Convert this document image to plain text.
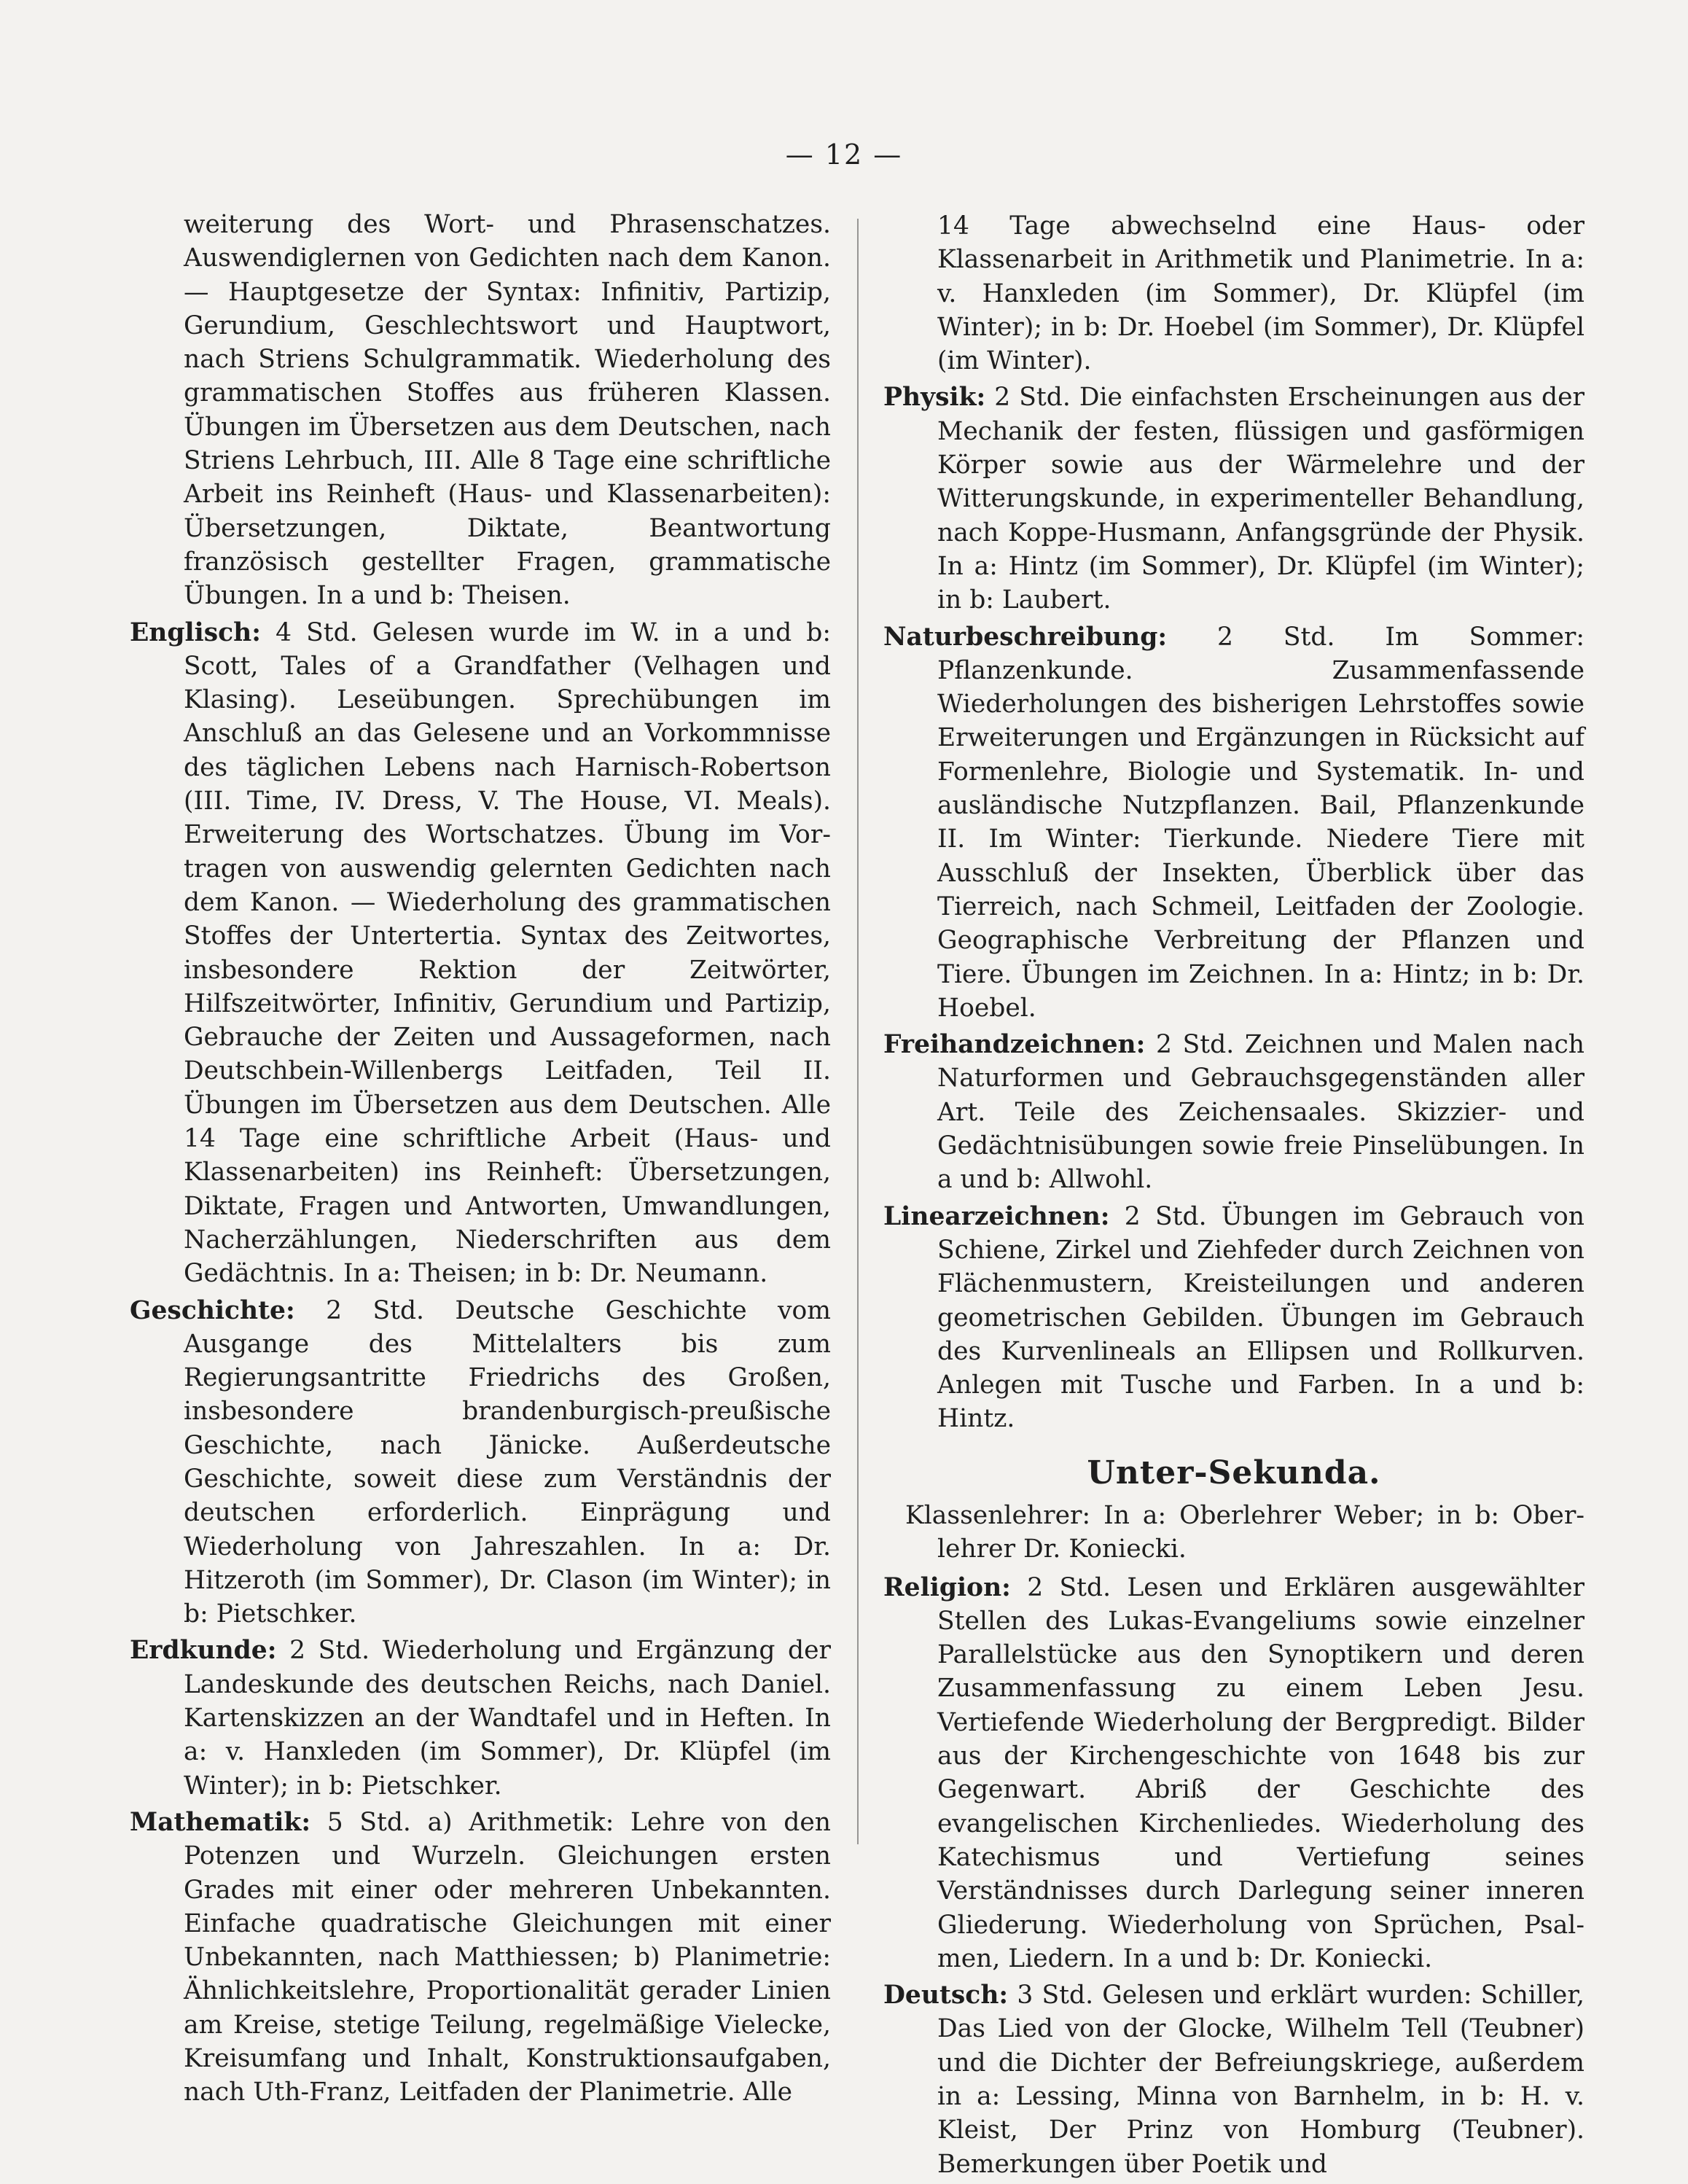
— 12 —

weiterung des Wort- und Phrasenschatzes. Auswendiglernen von Gedichten nach dem Kanon. — Hauptgesetze der Syntax: Infinitiv, Partizip, Gerundium, Geschlechtswort und Hauptwort, nach Striens Schulgrammatik. Wiederholung des grammatischen Stoffes aus früheren Klassen. Übungen im Übersetzen aus dem Deutschen, nach Striens Lehrbuch, III. Alle 8 Tage eine schriftliche Arbeit ins Reinheft (Haus- und Klassenarbeiten): Übersetzungen, Diktate, Beantwortung französisch gestellter Fragen, grammatische Übungen. In a und b: Theisen.

Englisch: 4 Std. Gelesen wurde im W. in a und b: Scott, Tales of a Grandfather (Velhagen und Klasing). Leseübungen. Sprechübungen im Anschluß an das Gelesene und an Vorkommnisse des täglichen Lebens nach Harnisch-Robertson (III. Time, IV. Dress, V. The House, VI. Meals). Erweiterung des Wortschatzes. Übung im Vortragen von auswendig gelernten Gedichten nach dem Kanon. — Wiederholung des grammatischen Stoffes der Untertertia. Syntax des Zeitwortes, insbesondere Rektion der Zeitwörter, Hilfszeitwörter, Infinitiv, Gerundium und Partizip, Gebrauche der Zeiten und Aussageformen, nach Deutschbein-Willenbergs Leitfaden, Teil II. Übungen im Übersetzen aus dem Deutschen. Alle 14 Tage eine schriftliche Arbeit (Haus- und Klassenarbeiten) ins Reinheft: Übersetzungen, Diktate, Fragen und Antworten, Umwandlungen, Nacherzählungen, Niederschriften aus dem Gedächtnis. In a: Theisen; in b: Dr. Neumann.

Geschichte: 2 Std. Deutsche Geschichte vom Ausgange des Mittelalters bis zum Regierungsantritte Friedrichs des Großen, insbesondere brandenburgisch-preußische Geschichte, nach Jänicke. Außerdeutsche Geschichte, soweit diese zum Verständnis der deutschen erforderlich. Einprägung und Wiederholung von Jahreszahlen. In a: Dr. Hitzeroth (im Sommer), Dr. Clason (im Winter); in b: Pietschker.

Erdkunde: 2 Std. Wiederholung und Ergänzung der Landeskunde des deutschen Reichs, nach Daniel. Kartenskizzen an der Wandtafel und in Heften. In a: v. Hanxleden (im Sommer), Dr. Klüpfel (im Winter); in b: Pietschker.

Mathematik: 5 Std. a) Arithmetik: Lehre von den Potenzen und Wurzeln. Gleichungen ersten Grades mit einer oder mehreren Unbekannten. Einfache quadratische Gleichungen mit einer Unbekannten, nach Matthiessen; b) Planimetrie: Ähnlichkeitslehre, Proportionalität gerader Linien am Kreise, stetige Teilung, regelmäßige Vielecke, Kreisumfang und Inhalt, Konstruktionsaufgaben, nach Uth-Franz, Leitfaden der Planimetrie. Alle

14 Tage abwechselnd eine Haus- oder Klassenarbeit in Arithmetik und Planimetrie. In a: v. Hanxleden (im Sommer), Dr. Klüpfel (im Winter); in b: Dr. Hoebel (im Sommer), Dr. Klüpfel (im Winter).

Physik: 2 Std. Die einfachsten Erscheinungen aus der Mechanik der festen, flüssigen und gasförmigen Körper sowie aus der Wärmelehre und der Witterungskunde, in experimenteller Behandlung, nach Koppe-Husmann, Anfangsgründe der Physik. In a: Hintz (im Sommer), Dr. Klüpfel (im Winter); in b: Laubert.

Naturbeschreibung: 2 Std. Im Sommer: Pflanzenkunde. Zusammenfassende Wiederholungen des bisherigen Lehrstoffes sowie Erweiterungen und Ergänzungen in Rücksicht auf Formenlehre, Biologie und Systematik. In- und ausländische Nutzpflanzen. Bail, Pflanzenkunde II. Im Winter: Tierkunde. Niedere Tiere mit Ausschluß der Insekten, Überblick über das Tierreich, nach Schmeil, Leitfaden der Zoologie. Geographische Verbreitung der Pflanzen und Tiere. Übungen im Zeichnen. In a: Hintz; in b: Dr. Hoebel.

Freihandzeichnen: 2 Std. Zeichnen und Malen nach Naturformen und Gebrauchsgegenständen aller Art. Teile des Zeichensaales. Skizzier- und Gedächtnisübungen sowie freie Pinselübungen. In a und b: Allwohl.

Linearzeichnen: 2 Std. Übungen im Gebrauch von Schiene, Zirkel und Ziehfeder durch Zeichnen von Flächenmustern, Kreisteilungen und anderen geometrischen Gebilden. Übungen im Gebrauch des Kurvenlineals an Ellipsen und Rollkurven. Anlegen mit Tusche und Farben. In a und b: Hintz.

Unter-Sekunda.

Klassenlehrer: In a: Oberlehrer Weber; in b: Oberlehrer Dr. Koniecki.

Religion: 2 Std. Lesen und Erklären ausgewählter Stellen des Lukas-Evangeliums sowie einzelner Parallelstücke aus den Synoptikern und deren Zusammenfassung zu einem Leben Jesu. Vertiefende Wiederholung der Bergpredigt. Bilder aus der Kirchengeschichte von 1648 bis zur Gegenwart. Abriß der Geschichte des evangelischen Kirchenliedes. Wiederholung des Katechismus und Vertiefung seines Verständnisses durch Darlegung seiner inneren Gliederung. Wiederholung von Sprüchen, Psalmen, Liedern. In a und b: Dr. Koniecki.

Deutsch: 3 Std. Gelesen und erklärt wurden: Schiller, Das Lied von der Glocke, Wilhelm Tell (Teubner) und die Dichter der Befreiungskriege, außerdem in a: Lessing, Minna von Barnhelm, in b: H. v. Kleist, Der Prinz von Homburg (Teubner). Bemerkungen über Poetik und
